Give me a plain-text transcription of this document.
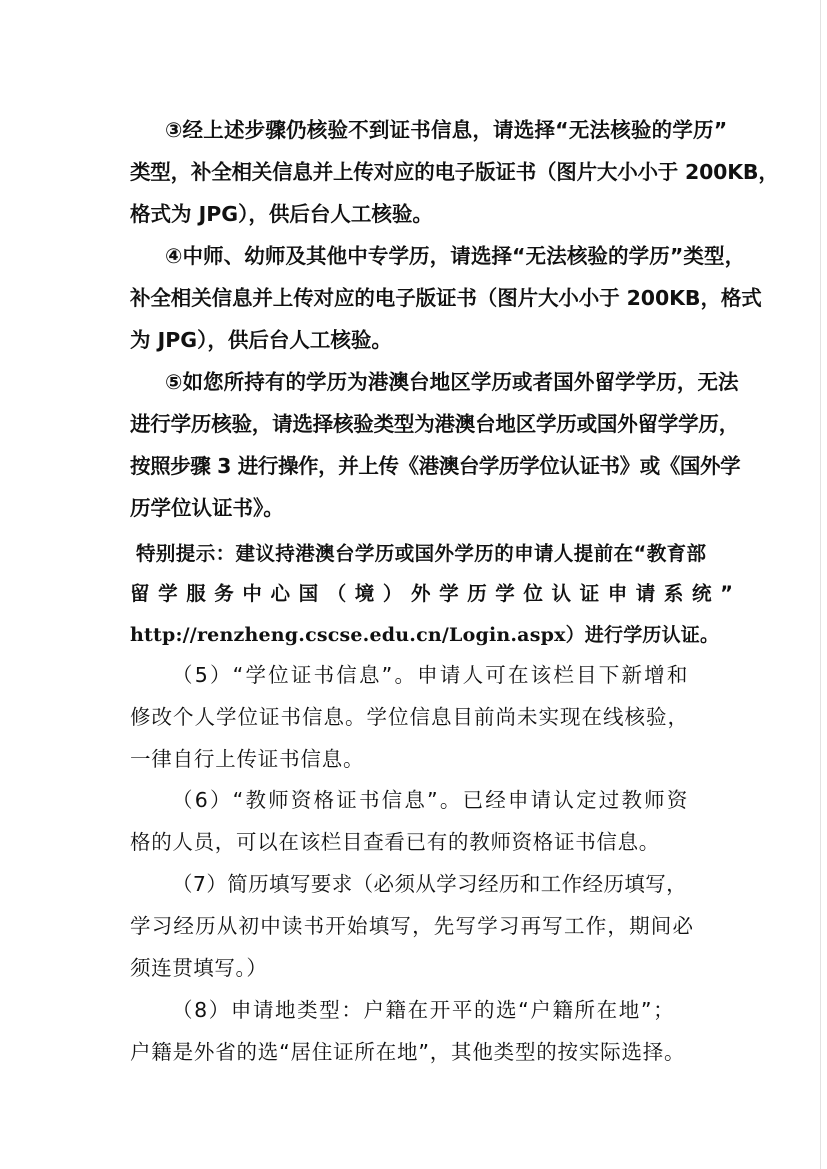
③经上述步骤仍核验不到证书信息，请选择“无法核验的学历”
类型，补全相关信息并上传对应的电子版证书（图片大小小于 200KB，
格式为 JPG），供后台人工核验。
④中师、幼师及其他中专学历，请选择“无法核验的学历”类型，
补全相关信息并上传对应的电子版证书（图片大小小于 200KB，格式
为 JPG），供后台人工核验。
⑤如您所持有的学历为港澳台地区学历或者国外留学学历，无法
进行学历核验，请选择核验类型为港澳台地区学历或国外留学学历，
按照步骤 3 进行操作，并上传《港澳台学历学位认证书》或《国外学
历学位认证书》。
特别提示：建议持港澳台学历或国外学历的申请人提前在“教育部
留学服务中心国（境）外学历学位认证申请系统”
http://renzheng.cscse.edu.cn/Login.aspx）进行学历认证。
（5）“学位证书信息”。申请人可在该栏目下新增和
修改个人学位证书信息。学位信息目前尚未实现在线核验，
一律自行上传证书信息。
（6）“教师资格证书信息”。已经申请认定过教师资
格的人员，可以在该栏目查看已有的教师资格证书信息。
（7）简历填写要求（必须从学习经历和工作经历填写，
学习经历从初中读书开始填写，先写学习再写工作，期间必
须连贯填写。）
（8）申请地类型：户籍在开平的选“户籍所在地”；
户籍是外省的选“居住证所在地”，其他类型的按实际选择。
